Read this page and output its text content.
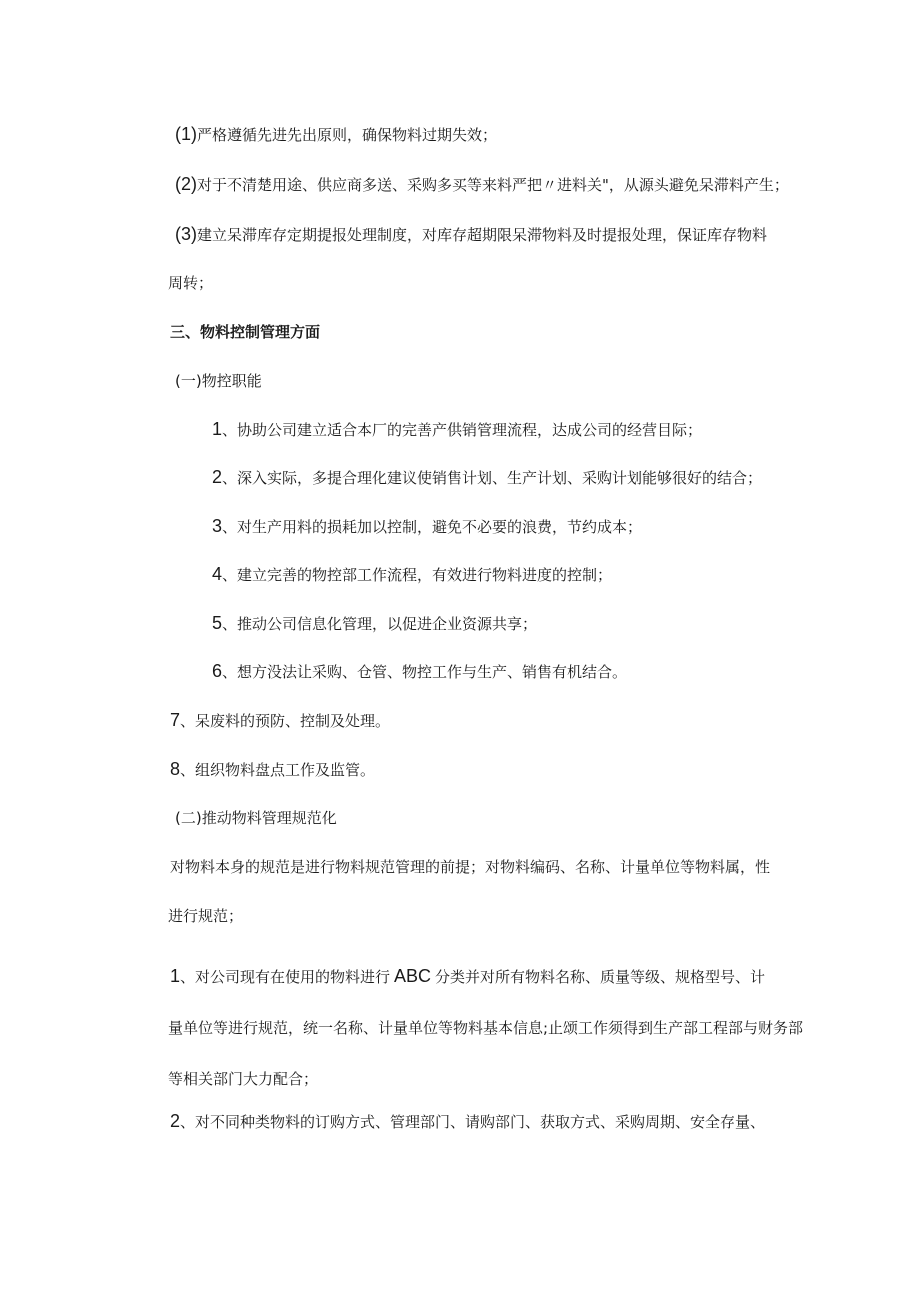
(1)严格遵循先进先出原则，确保物料过期失效；
(2)对于不清楚用途、供应商多送、采购多买等来料严把〃进料关"，从源头避免呆滞料产生；
(3)建立呆滞库存定期提报处理制度，对库存超期限呆滞物料及时提报处理，保证库存物料
周转；
三、物料控制管理方面
(一)物控职能
1、协助公司建立适合本厂的完善产供销管理流程，达成公司的经营目际；
2、深入实际，多提合理化建议使销售计划、生产计划、采购计划能够很好的结合；
3、对生产用料的损耗加以控制，避免不必要的浪费，节约成本；
4、建立完善的物控部工作流程，有效进行物料进度的控制；
5、推动公司信息化管理，以促进企业资源共享；
6、想方没法让采购、仓管、物控工作与生产、销售有机结合。
7、呆废料的预防、控制及处理。
8、组织物料盘点工作及监管。
(二)推动物料管理规范化
对物料本身的规范是进行物料规范管理的前提；对物料编码、名称、计量单位等物料属，性
进行规范；
1、对公司现有在使用的物料进行 ABC 分类并对所有物料名称、质量等级、规格型号、计
量单位等进行规范，统一名称、计量单位等物料基本信息;止颂工作须得到生产部工程部与财务部
等相关部门大力配合；
2、对不同种类物料的订购方式、管理部门、请购部门、获取方式、采购周期、安全存量、
